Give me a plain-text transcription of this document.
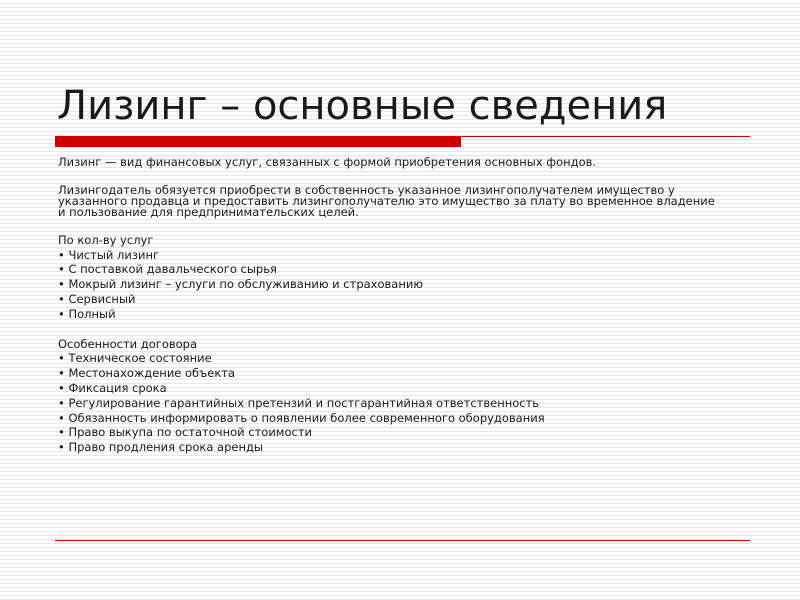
Лизинг – основные сведения

Лизинг — вид финансовых услуг, связанных с формой приобретения основных фондов.

Лизингодатель обязуется приобрести в собственность указанное лизингополучателем имущество у
указанного продавца и предоставить лизингополучателю это имущество за плату во временное владение
и пользование для предпринимательских целей.

По кол-ву услуг

• Чистый лизинг
• С поставкой давальческого сырья
• Мокрый лизинг – услуги по обслуживанию и страхованию
• Сервисный
• Полный

Особенности договора

• Техническое состояние
• Местонахождение объекта
• Фиксация срока
• Регулирование гарантийных претензий и постгарантийная ответственность
• Обязанность информировать о появлении более современного оборудования
• Право выкупа по остаточной стоимости
• Право продления срока аренды
